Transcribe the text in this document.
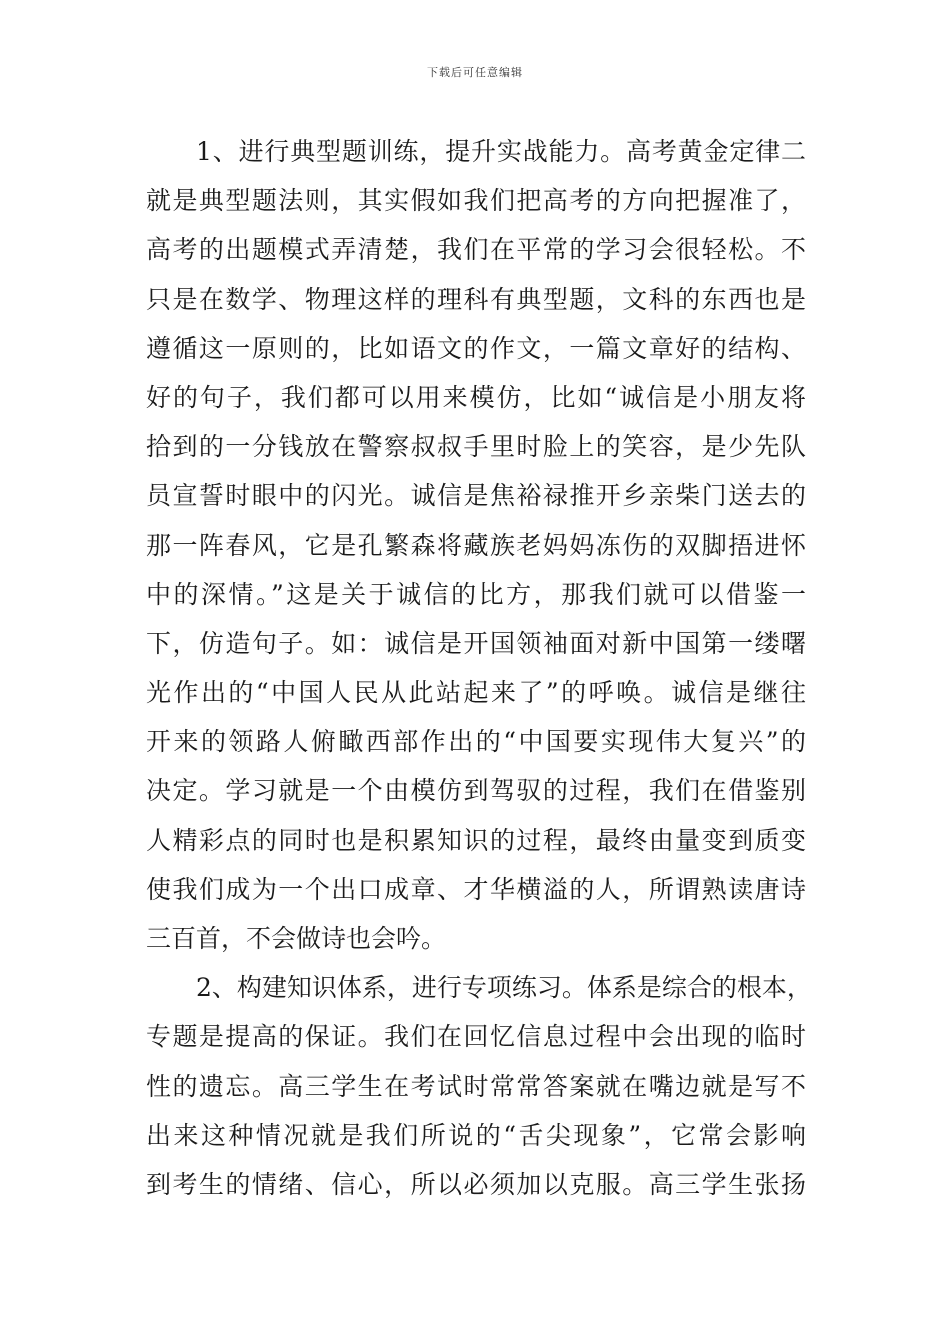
下载后可任意编辑
1、进行典型题训练，提升实战能力。高考黄金定律二
就是典型题法则，其实假如我们把高考的方向把握准了，
高考的出题模式弄清楚，我们在平常的学习会很轻松。不
只是在数学、物理这样的理科有典型题，文科的东西也是
遵循这一原则的，比如语文的作文，一篇文章好的结构、
好的句子，我们都可以用来模仿，比如“诚信是小朋友将
拾到的一分钱放在警察叔叔手里时脸上的笑容，是少先队
员宣誓时眼中的闪光。诚信是焦裕禄推开乡亲柴门送去的
那一阵春风，它是孔繁森将藏族老妈妈冻伤的双脚捂进怀
中的深情。”这是关于诚信的比方，那我们就可以借鉴一
下，仿造句子。如：诚信是开国领袖面对新中国第一缕曙
光作出的“中国人民从此站起来了”的呼唤。诚信是继往
开来的领路人俯瞰西部作出的“中国要实现伟大复兴”的
决定。学习就是一个由模仿到驾驭的过程，我们在借鉴别
人精彩点的同时也是积累知识的过程，最终由量变到质变
使我们成为一个出口成章、才华横溢的人，所谓熟读唐诗
三百首，不会做诗也会吟。
2、构建知识体系，进行专项练习。体系是综合的根本，
专题是提高的保证。我们在回忆信息过程中会出现的临时
性的遗忘。高三学生在考试时常常答案就在嘴边就是写不
出来这种情况就是我们所说的“舌尖现象”，它常会影响
到考生的情绪、信心，所以必须加以克服。高三学生张扬
